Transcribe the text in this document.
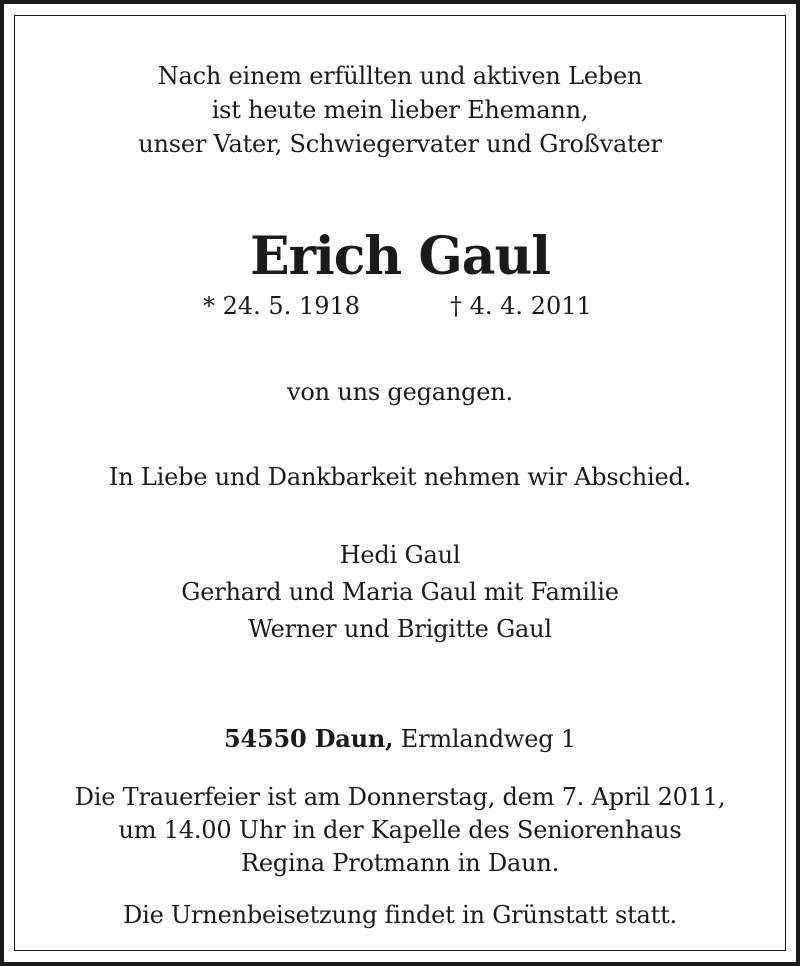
Nach einem erfüllten und aktiven Leben
ist heute mein lieber Ehemann,
unser Vater, Schwiegervater und Großvater
Erich Gaul
* 24. 5. 1918	† 4. 4. 2011
von uns gegangen.
In Liebe und Dankbarkeit nehmen wir Abschied.
Hedi Gaul
Gerhard und Maria Gaul mit Familie
Werner und Brigitte Gaul
54550 Daun, Ermlandweg 1
Die Trauerfeier ist am Donnerstag, dem 7. April 2011,
um 14.00 Uhr in der Kapelle des Seniorenhaus
Regina Protmann in Daun.
Die Urnenbeisetzung findet in Grünstatt statt.
